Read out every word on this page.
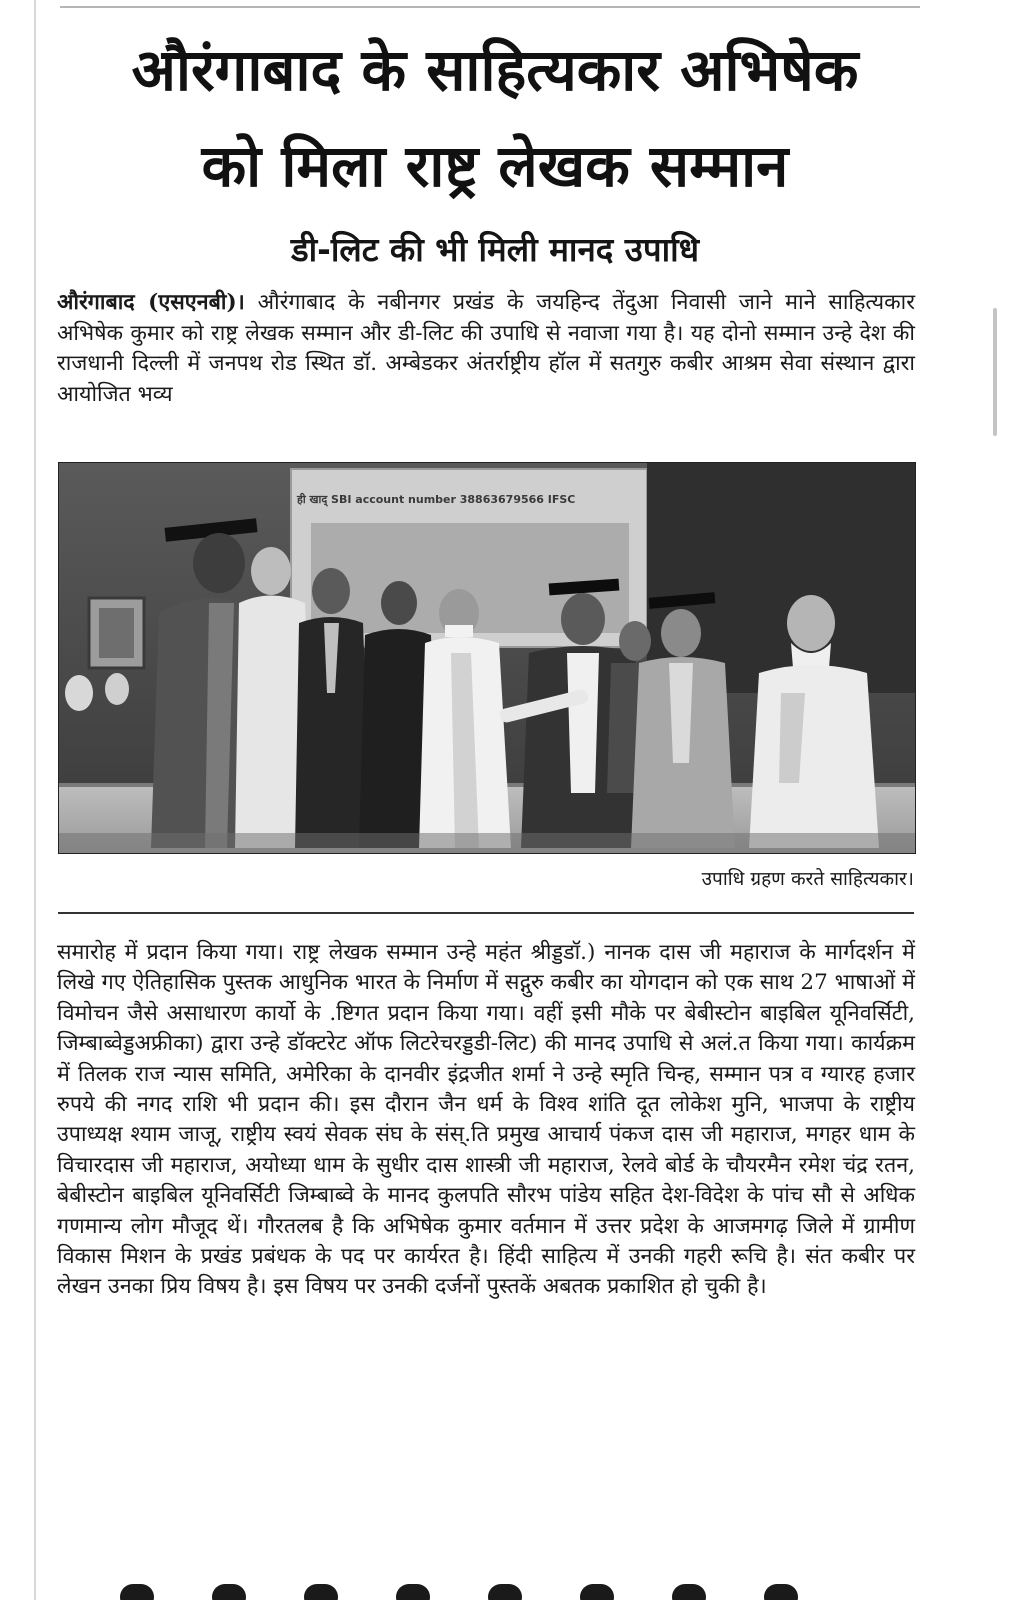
औरंगाबाद के साहित्यकार अभिषेक
को मिला राष्ट्र लेखक सम्मान
डी-लिट की भी मिली मानद उपाधि

औरंगाबाद (एसएनबी)। औरंगाबाद के नबीनगर प्रखंड के जयहिन्द तेंदुआ निवासी जाने माने साहित्यकार अभिषेक कुमार को राष्ट्र लेखक सम्मान और डी-लिट की उपाधि से नवाजा गया है। यह दोनो सम्मान उन्हे देश की राजधानी दिल्ली में जनपथ रोड स्थित डॉ. अम्बेडकर अंतर्राष्ट्रीय हॉल में सतगुरु कबीर आश्रम सेवा संस्थान द्वारा आयोजित भव्य

ही खाद् SBI account number 38863679566 IFSC

उपाधि ग्रहण करते साहित्यकार।

समारोह में प्रदान किया गया। राष्ट्र लेखक सम्मान उन्हे महंत श्रीड्डडॉ.) नानक दास जी महाराज के मार्गदर्शन में लिखे गए ऐतिहासिक पुस्तक आधुनिक भारत के निर्माण में सद्गुरु कबीर का योगदान को एक साथ 27 भाषाओं में विमोचन जैसे असाधारण कार्यो के .ष्टिगत प्रदान किया गया। वहीं इसी मौके पर बेबीस्टोन बाइबिल यूनिवर्सिटी, जिम्बाब्वेड्डअफ्रीका) द्वारा उन्हे डॉक्टरेट ऑफ लिटरेचरड्डडी-लिट) की मानद उपाधि से अलं.त किया गया। कार्यक्रम में तिलक राज न्यास समिति, अमेरिका के दानवीर इंद्रजीत शर्मा ने उन्हे स्मृति चिन्ह, सम्मान पत्र व ग्यारह हजार रुपये की नगद राशि भी प्रदान की। इस दौरान जैन धर्म के विश्व शांति दूत लोकेश मुनि, भाजपा के राष्ट्रीय उपाध्यक्ष श्याम जाजू, राष्ट्रीय स्वयं सेवक संघ के संस्.ति प्रमुख आचार्य पंकज दास जी महाराज, मगहर धाम के विचारदास जी महाराज, अयोध्या धाम के सुधीर दास शास्त्री जी महाराज, रेलवे बोर्ड के चौयरमैन रमेश चंद्र रतन, बेबीस्टोन बाइबिल यूनिवर्सिटी जिम्बाब्वे के मानद कुलपति सौरभ पांडेय सहित देश-विदेश के पांच सौ से अधिक गणमान्य लोग मौजूद थें। गौरतलब है कि अभिषेक कुमार वर्तमान में उत्तर प्रदेश के आजमगढ़ जिले में ग्रामीण विकास मिशन के प्रखंड प्रबंधक के पद पर कार्यरत है। हिंदी साहित्य में उनकी गहरी रूचि है। संत कबीर पर लेखन उनका प्रिय विषय है। इस विषय पर उनकी दर्जनों पुस्तकें अबतक प्रकाशित हो चुकी है।
